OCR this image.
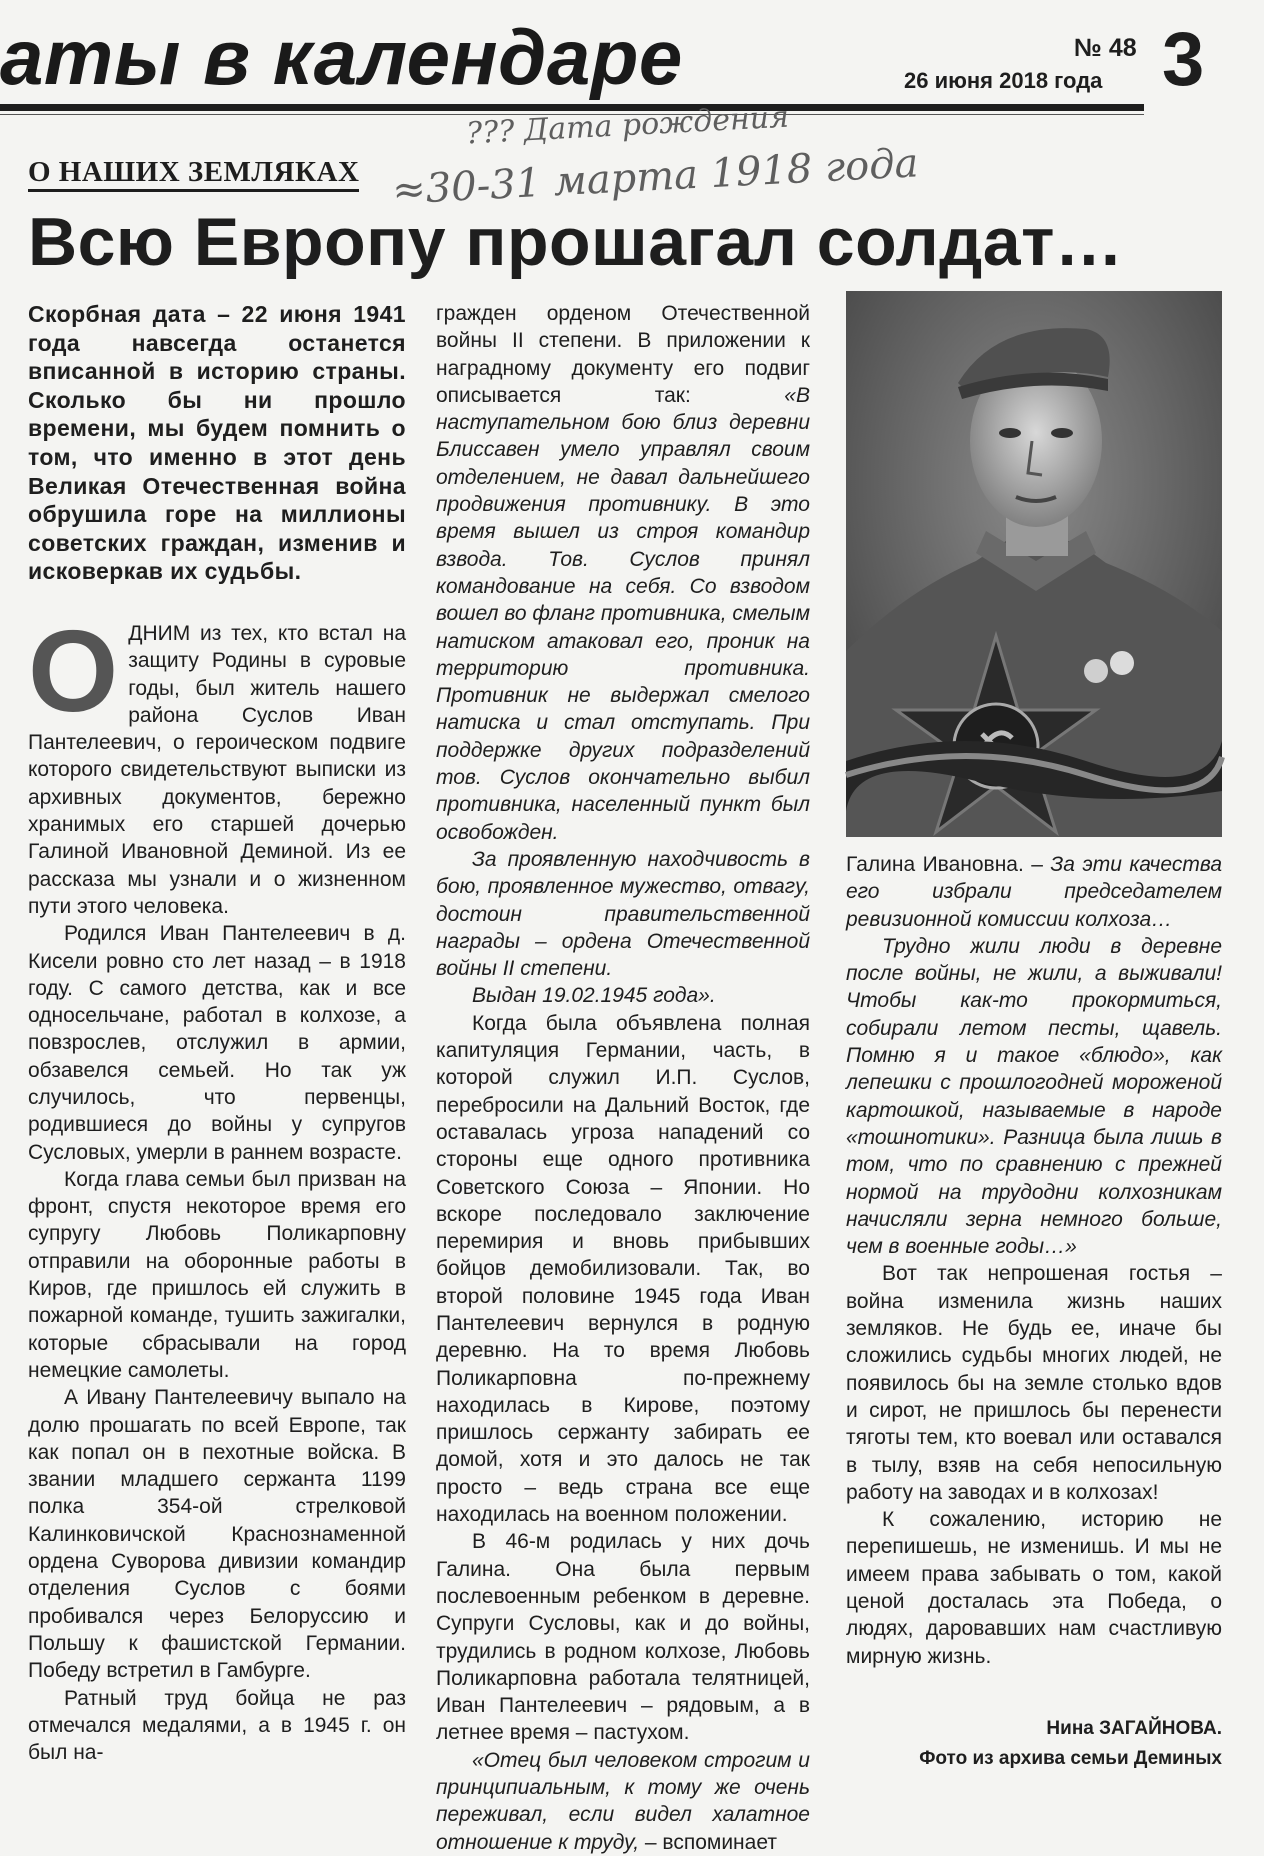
аты в календаре	№ 48
26 июня 2018 года 3
??? Дата рождения
≈30-31 марта 1918 года
О НАШИХ ЗЕМЛЯКАХ
Всю Европу прошагал солдат…
Скорбная дата – 22 июня 1941 года навсегда останется вписанной в историю страны. Сколько бы ни прошло времени, мы будем помнить о том, что именно в этот день Великая Отечественная война обрушила горе на миллионы советских граждан, изменив и исковеркав их судьбы.

ОДНИМ из тех, кто встал на защиту Родины в суровые годы, был житель нашего района Суслов Иван Пантелеевич, о героическом подвиге которого свидетельствуют выписки из архивных документов, бережно хранимых его старшей дочерью Галиной Ивановной Деминой. Из ее рассказа мы узнали и о жизненном пути этого человека.

Родился Иван Пантелеевич в д. Кисели ровно сто лет назад – в 1918 году. С самого детства, как и все односельчане, работал в колхозе, а повзрослев, отслужил в армии, обзавелся семьей. Но так уж случилось, что первенцы, родившиеся до войны у супругов Сусловых, умерли в раннем возрасте.

Когда глава семьи был призван на фронт, спустя некоторое время его супругу Любовь Поликарповну отправили на оборонные работы в Киров, где пришлось ей служить в пожарной команде, тушить зажигалки, которые сбрасывали на город немецкие самолеты.

А Ивану Пантелеевичу выпало на долю прошагать по всей Европе, так как попал он в пехотные войска. В звании младшего сержанта 1199 полка 354-ой стрелковой Калинковичской Краснознаменной ордена Суворова дивизии командир отделения Суслов с боями пробивался через Белоруссию и Польшу к фашистской Германии. Победу встретил в Гамбурге.

Ратный труд бойца не раз отмечался медалями, а в 1945 г. он был на-

гражден орденом Отечественной войны II степени. В приложении к наградному документу его подвиг описывается так:	«В наступательном бою близ деревни Блиссавен умело управлял своим отделением, не давал дальнейшего продвижения противнику. В это время вышел из строя командир взвода. Тов. Суслов принял командование на себя. Со взводом вошел во фланг противника, смелым натиском атаковал его, проник на территорию противника. Противник не выдержал смелого натиска и стал отступать. При поддержке других подразделений тов. Суслов окончательно выбил противника, населенный пункт был освобожден.

За проявленную находчивость в бою, проявленное мужество, отвагу, достоин правительственной награды – ордена Отечественной войны II степени.

Выдан 19.02.1945 года».

Когда была объявлена полная капитуляция Германии, часть, в которой служил И.П. Суслов, перебросили на Дальний Восток, где оставалась угроза нападений со стороны еще одного противника Советского Союза – Японии. Но вскоре последовало заключение перемирия и вновь прибывших бойцов демобилизовали. Так, во второй половине 1945 года Иван Пантелеевич вернулся в родную деревню. На то время Любовь Поликарповна по-прежнему находилась в Кирове, поэтому пришлось сержанту забирать ее домой, хотя и это далось не так просто – ведь страна все еще находилась на военном положении.

В 46-м родилась у них дочь Галина. Она была первым послевоенным ребенком в деревне. Супруги Сусловы, как и до войны, трудились в родном колхозе, Любовь Поликарповна работала телятницей, Иван Пантелеевич – рядовым, а в летнее время – пастухом.

«Отец был человеком строгим и принципиальным, к тому же очень переживал, если видел халатное отношение к труду, – вспоминает

Галина Ивановна. – За эти качества его избрали председателем ревизионной комиссии колхоза…

Трудно жили люди в деревне после войны, не жили, а выживали! Чтобы как-то прокормиться, собирали летом песты, щавель. Помню я и такое «блюдо», как лепешки с прошлогодней мороженой картошкой, называемые в народе «тошнотики». Разница была лишь в том, что по сравнению с прежней нормой на трудодни колхозникам начисляли зерна немного больше, чем в военные годы…»

Вот так непрошеная гостья – война изменила жизнь наших земляков. Не будь ее, иначе бы сложились судьбы многих людей, не появилось бы на земле столько вдов и сирот, не пришлось бы перенести тяготы тем, кто воевал или оставался в тылу, взяв на себя непосильную работу на заводах и в колхозах!

К сожалению, историю не перепишешь, не изменишь. И мы не имеем права забывать о том, какой ценой досталась эта Победа, о людях, даровавших нам счастливую мирную жизнь.

Нина ЗАГАЙНОВА.
Фото из архива семьи Деминых
